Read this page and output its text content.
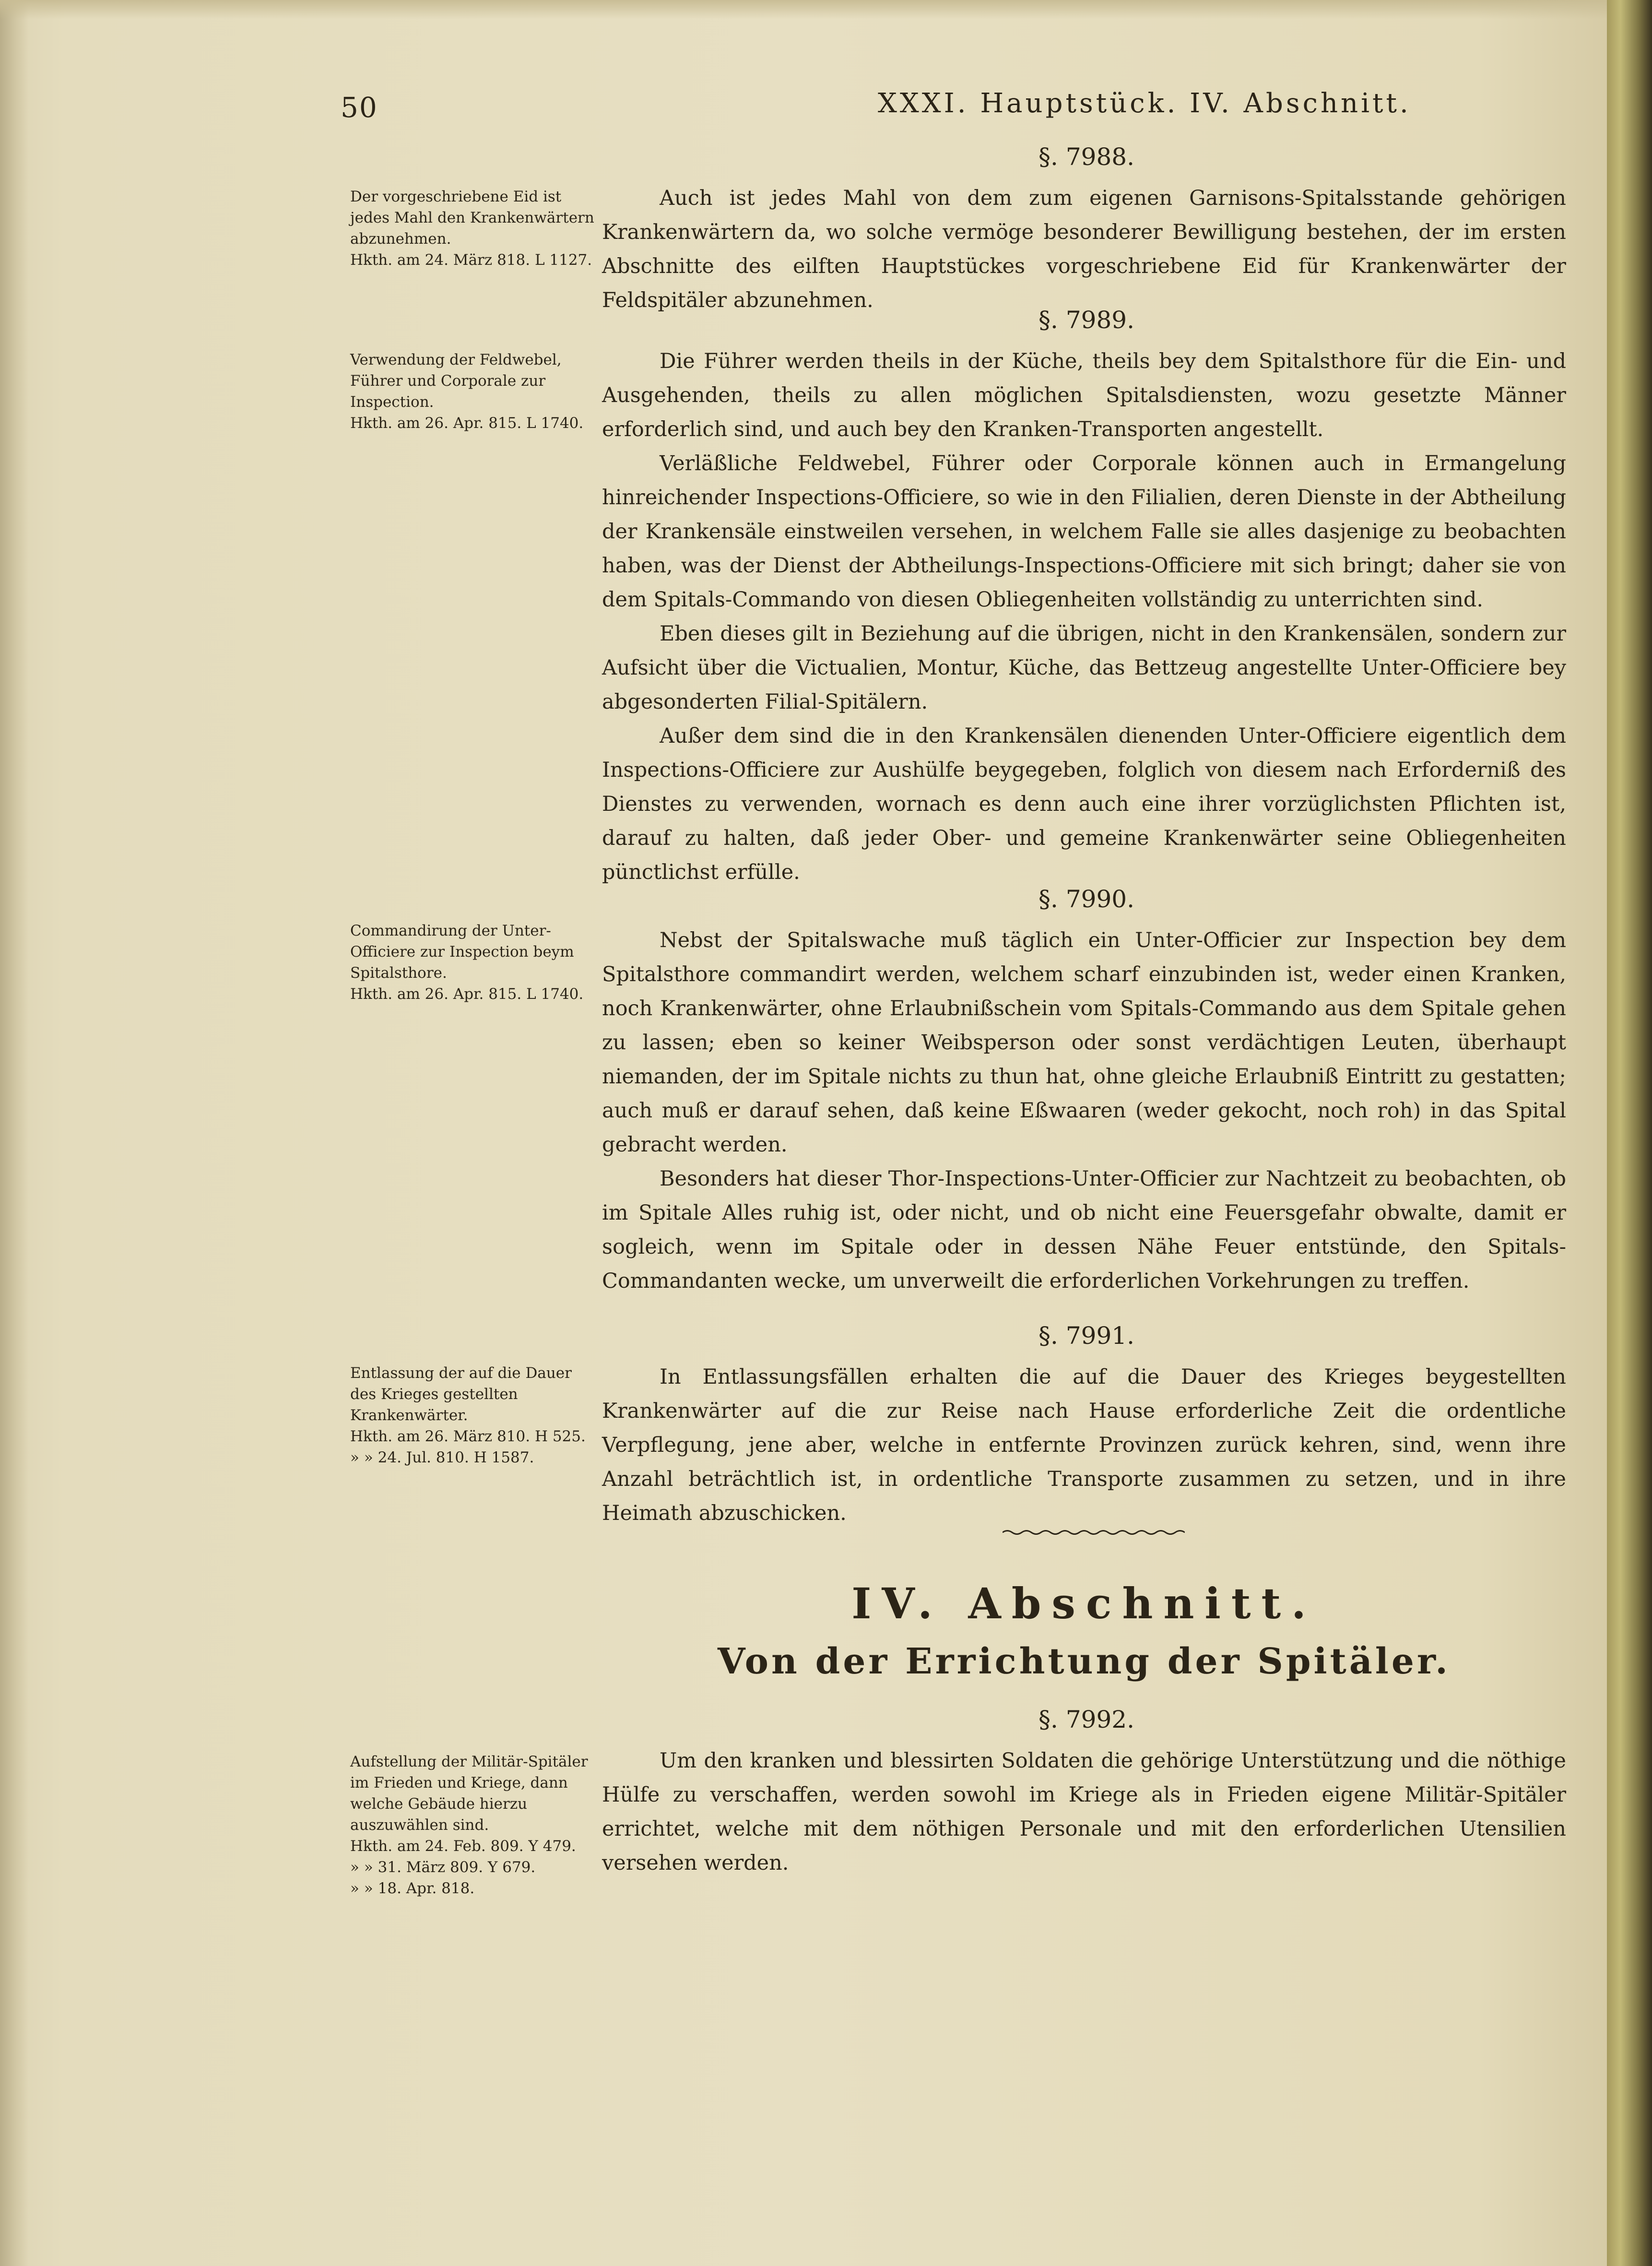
50	XXXI. Hauptstück. IV. Abschnitt.
Der vorgeschriebene Eid ist jedes Mahl den Krankenwärtern abzunehmen.
Hkth. am 24. März 818. L 1127.
Verwendung der Feldwebel, Führer und Corporale zur Inspection.
Hkth. am 26. Apr. 815. L 1740.
Commandirung der Unter-Officiere zur Inspection beym Spitalsthore.
Hkth. am 26. Apr. 815. L 1740.
Entlassung der auf die Dauer des Krieges gestellten Krankenwärter.
Hkth. am 26. März 810. H 525.
» » 24. Jul. 810. H 1587.
Aufstellung der Militär-Spitäler im Frieden und Kriege, dann welche Gebäude hierzu auszuwählen sind.
Hkth. am 24. Feb. 809. Y 479.
» » 31. März 809. Y 679.
» » 18. Apr. 818.
§. 7988.

Auch ist jedes Mahl von dem zum eigenen Garnisons-Spitalsstande gehörigen Krankenwärtern da, wo solche vermöge besonderer Bewilligung bestehen, der im ersten Abschnitte des eilften Hauptstückes vorgeschriebene Eid für Krankenwärter der Feldspitäler abzunehmen.

§. 7989.

Die Führer werden theils in der Küche, theils bey dem Spitalsthore für die Ein- und Ausgehenden, theils zu allen möglichen Spitalsdiensten, wozu gesetzte Männer erforderlich sind, und auch bey den Kranken-Transporten angestellt.

Verläßliche Feldwebel, Führer oder Corporale können auch in Ermangelung hinreichender Inspections-Officiere, so wie in den Filialien, deren Dienste in der Abtheilung der Krankensäle einstweilen versehen, in welchem Falle sie alles dasjenige zu beobachten haben, was der Dienst der Abtheilungs-Inspections-Officiere mit sich bringt; daher sie von dem Spitals-Commando von diesen Obliegenheiten vollständig zu unterrichten sind.

Eben dieses gilt in Beziehung auf die übrigen, nicht in den Krankensälen, sondern zur Aufsicht über die Victualien, Montur, Küche, das Bettzeug angestellte Unter-Officiere bey abgesonderten Filial-Spitälern.

Außer dem sind die in den Krankensälen dienenden Unter-Officiere eigentlich dem Inspections-Officiere zur Aushülfe beygegeben, folglich von diesem nach Erforderniß des Dienstes zu verwenden, wornach es denn auch eine ihrer vorzüglichsten Pflichten ist, darauf zu halten, daß jeder Ober- und gemeine Krankenwärter seine Obliegenheiten pünctlichst erfülle.

§. 7990.

Nebst der Spitalswache muß täglich ein Unter-Officier zur Inspection bey dem Spitalsthore commandirt werden, welchem scharf einzubinden ist, weder einen Kranken, noch Krankenwärter, ohne Erlaubnißschein vom Spitals-Commando aus dem Spitale gehen zu lassen; eben so keiner Weibsperson oder sonst verdächtigen Leuten, überhaupt niemanden, der im Spitale nichts zu thun hat, ohne gleiche Erlaubniß Eintritt zu gestatten; auch muß er darauf sehen, daß keine Eßwaaren (weder gekocht, noch roh) in das Spital gebracht werden.

Besonders hat dieser Thor-Inspections-Unter-Officier zur Nachtzeit zu beobachten, ob im Spitale Alles ruhig ist, oder nicht, und ob nicht eine Feuersgefahr obwalte, damit er sogleich, wenn im Spitale oder in dessen Nähe Feuer entstünde, den Spitals-Commandanten wecke, um unverweilt die erforderlichen Vorkehrungen zu treffen.

§. 7991.

In Entlassungsfällen erhalten die auf die Dauer des Krieges beygestellten Krankenwärter auf die zur Reise nach Hause erforderliche Zeit die ordentliche Verpflegung, jene aber, welche in entfernte Provinzen zurück kehren, sind, wenn ihre Anzahl beträchtlich ist, in ordentliche Transporte zusammen zu setzen, und in ihre Heimath abzuschicken.

IV. Abschnitt.
Von der Errichtung der Spitäler.
§. 7992.

Um den kranken und blessirten Soldaten die gehörige Unterstützung und die nöthige Hülfe zu verschaffen, werden sowohl im Kriege als in Frieden eigene Militär-Spitäler errichtet, welche mit dem nöthigen Personale und mit den erforderlichen Utensilien versehen werden.
